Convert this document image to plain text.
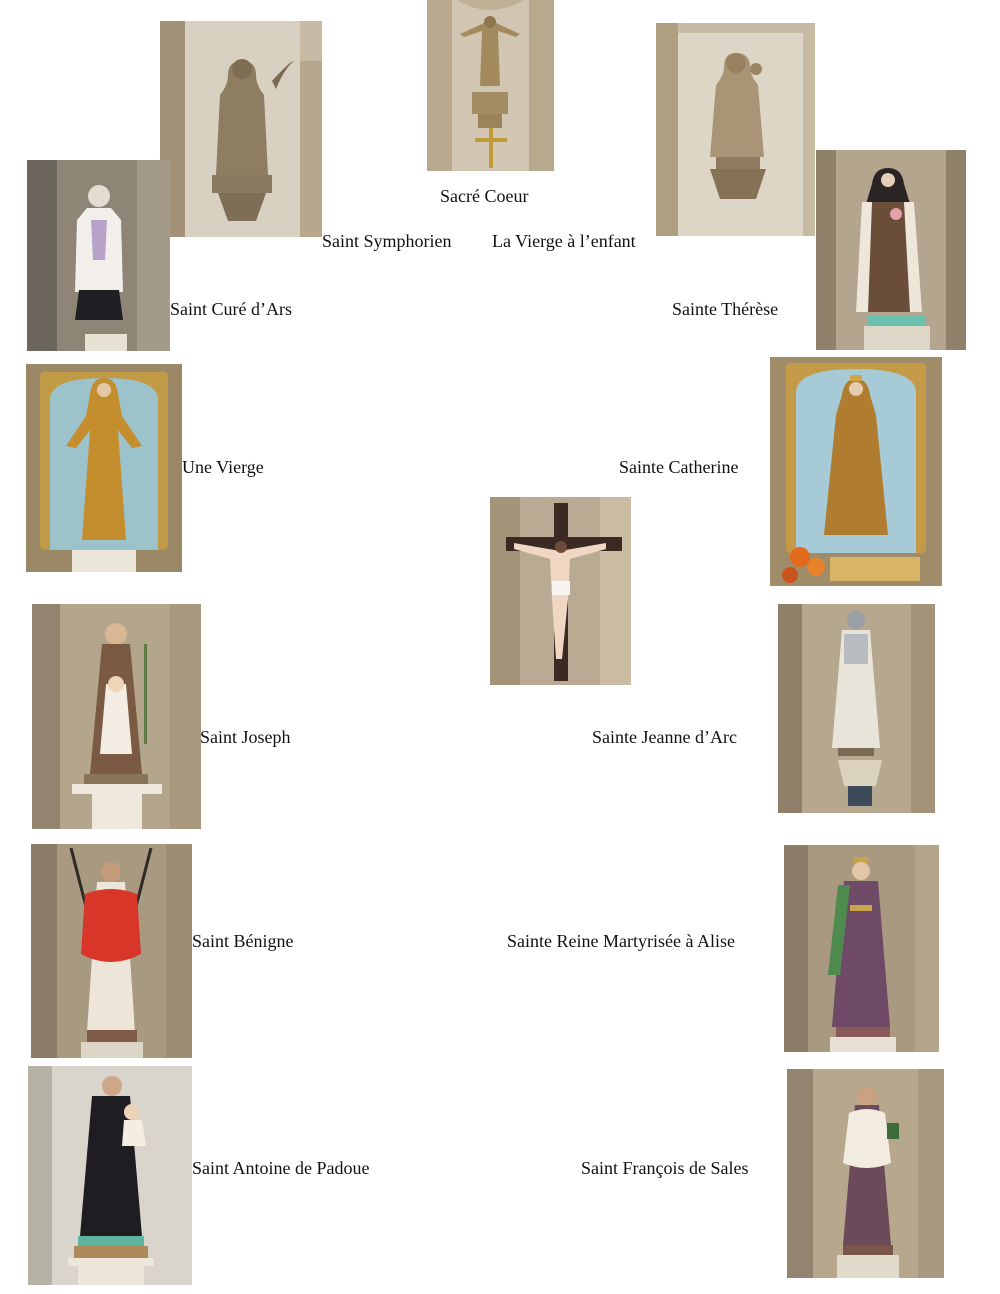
Sacré Coeur
Saint Symphorien La Vierge à l’enfant
Saint Curé d’Ars	Sainte Thérèse
Une Vierge	Sainte Catherine
Saint Joseph	Sainte Jeanne d’Arc
Saint Bénigne	Sainte Reine Martyrisée à Alise
Saint Antoine de Padoue	Saint François de Sales
